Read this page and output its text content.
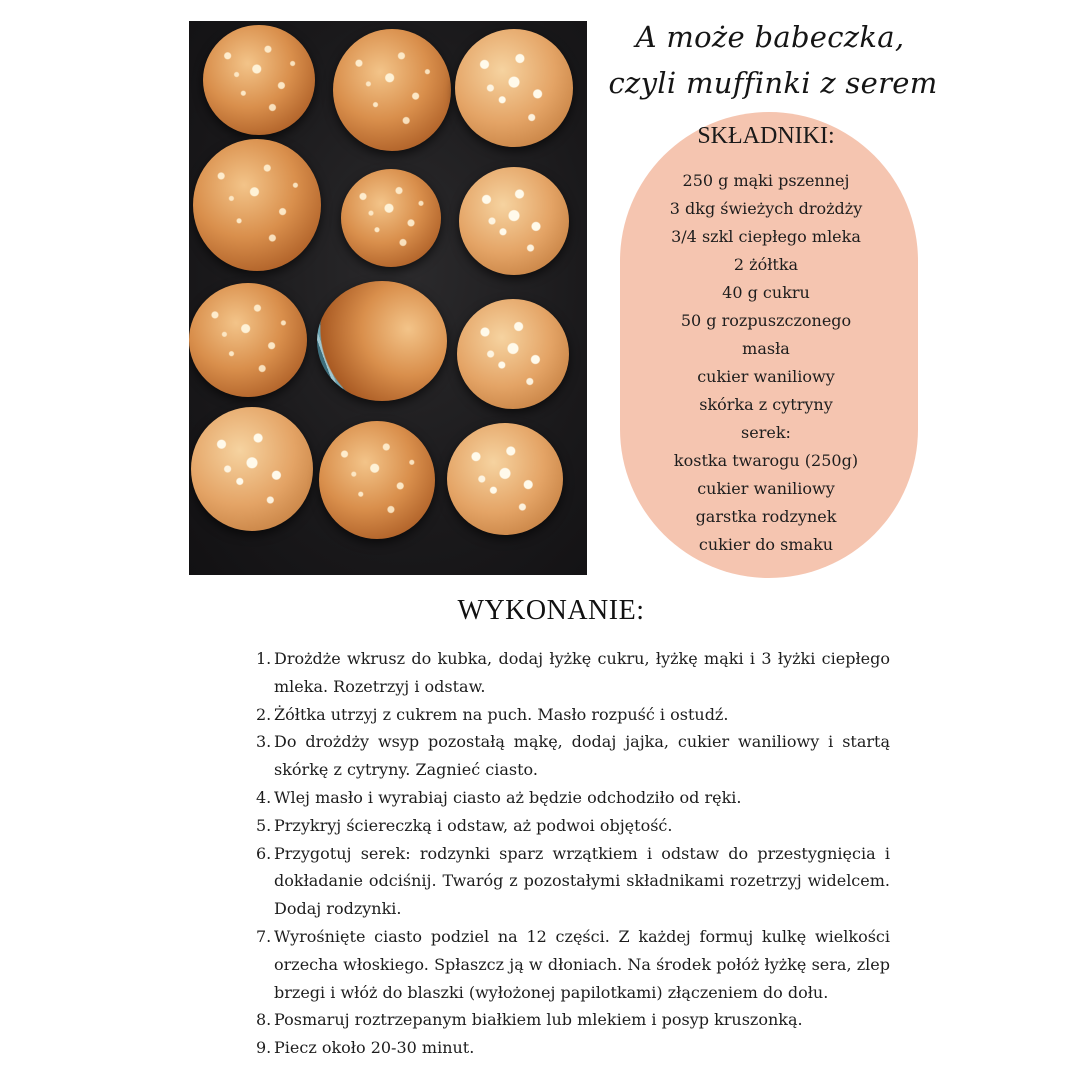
A może babeczka,
czyli muffinki z serem
SKŁADNIKI:
250 g mąki pszennej
3 dkg świeżych drożdży
3/4 szkl ciepłego mleka
2 żółtka
40 g cukru
50 g rozpuszczonego
masła
cukier waniliowy
skórka z cytryny
serek:
kostka twarogu (250g)
cukier waniliowy
garstka rodzynek
cukier do smaku
WYKONANIE:
1. Drożdże wkrusz do kubka, dodaj łyżkę cukru, łyżkę mąki i 3 łyżki ciepłego mleka. Rozetrzyj i odstaw.
2. Żółtka utrzyj z cukrem na puch. Masło rozpuść i ostudź.
3. Do drożdży wsyp pozostałą mąkę, dodaj jajka, cukier waniliowy i startą skórkę z cytryny. Zagnieć ciasto.
4. Wlej masło i wyrabiaj ciasto aż będzie odchodziło od ręki.
5. Przykryj ściereczką i odstaw, aż podwoi objętość.
6. Przygotuj serek: rodzynki sparz wrzątkiem i odstaw do przestygnięcia i dokładanie odciśnij. Twaróg z pozostałymi składnikami rozetrzyj widelcem. Dodaj rodzynki.
7. Wyrośnięte ciasto podziel na 12 części. Z każdej formuj kulkę wielkości orzecha włoskiego. Spłaszcz ją w dłoniach. Na środek połóż łyżkę sera, zlep brzegi i włóż do blaszki (wyłożonej papilotkami) złączeniem do dołu.
8. Posmaruj roztrzepanym białkiem lub mlekiem i posyp kruszonką.
9. Piecz około 20-30 minut.
